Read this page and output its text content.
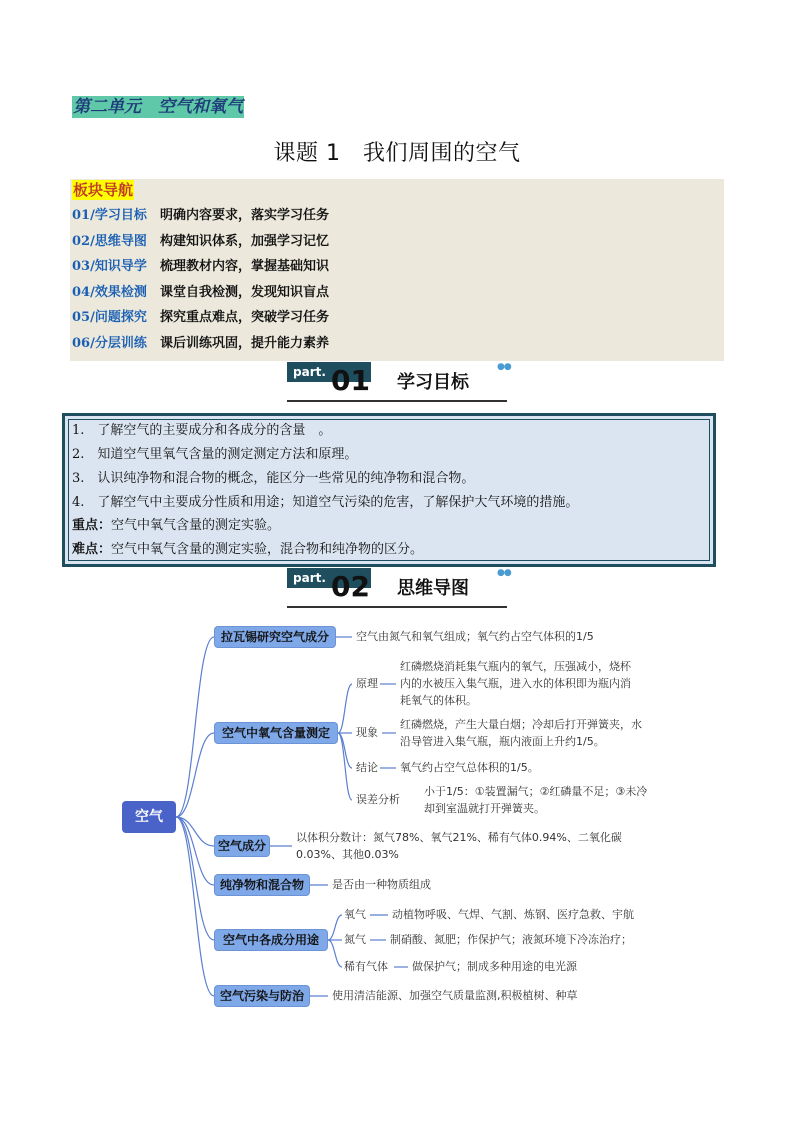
第二单元　空气和氧气
课题 1　我们周围的空气
板块导航
01/学习目标 明确内容要求，落实学习任务
02/思维导图 构建知识体系，加强学习记忆
03/知识导学 梳理教材内容，掌握基础知识
04/效果检测 课堂自我检测，发现知识盲点
05/问题探究 探究重点难点，突破学习任务
06/分层训练 课后训练巩固，提升能力素养
part. 01 学习目标
●●
1.　了解空气的主要成分和各成分的含量　。
2.　知道空气里氧气含量的测定测定方法和原理。
3.　认识纯净物和混合物的概念，能区分一些常见的纯净物和混合物。
4.　了解空气中主要成分性质和用途；知道空气污染的危害，了解保护大气环境的措施。
重点：空气中氧气含量的测定实验。
难点：空气中氧气含量的测定实验，混合物和纯净物的区分。
part. 02 思维导图
●●
空气
拉瓦锡研究空气成分	空气由氮气和氧气组成；氧气约占空气体积的1/5
空气中氧气含量测定
原理
红磷燃烧消耗集气瓶内的氧气，压强减小，烧杯
内的水被压入集气瓶，进入水的体积即为瓶内消
耗氧气的体积。
现象
红磷燃烧，产生大量白烟；冷却后打开弹簧夹，水
沿导管进入集气瓶，瓶内液面上升约1/5。
结论 氧气约占空气总体积的1/5。
误差分析
小于1/5：①装置漏气；②红磷量不足；③未冷
却到室温就打开弹簧夹。
空气成分
以体积分数计：氮气78%、氧气21%、稀有气体0.94%、二氧化碳
0.03%、其他0.03%
纯净物和混合物	是否由一种物质组成
空气中各成分用途
氧气 动植物呼吸、气焊、气割、炼钢、医疗急救、宇航
氮气 制硝酸、氮肥；作保护气；液氮环境下冷冻治疗；
稀有气体 做保护气；制成多种用途的电光源
空气污染与防治	使用清洁能源、加强空气质量监测,积极植树、种草
